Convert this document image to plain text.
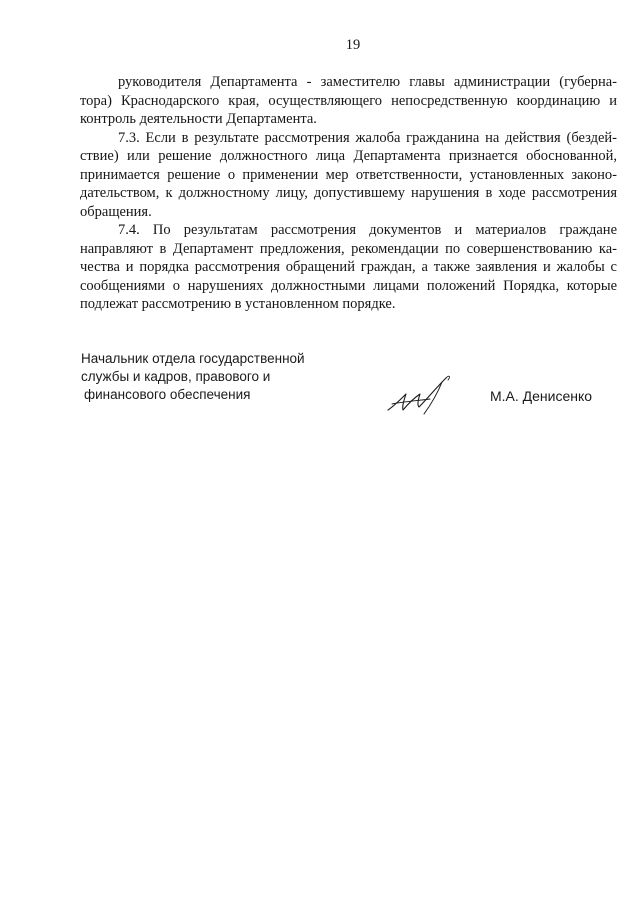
19
руководителя Департамента - заместителю главы администрации (губерна-
тора) Краснодарского края, осуществляющего непосредственную координацию и
контроль деятельности Департамента.
7.3. Если в результате рассмотрения жалоба гражданина на действия (бездей-
ствие) или решение должностного лица Департамента признается обоснованной,
принимается решение о применении мер ответственности, установленных законо-
дательством, к должностному лицу, допустившему нарушения в ходе рассмотрения
обращения.
7.4. По результатам рассмотрения документов и материалов граждане
направляют в Департамент предложения, рекомендации по совершенствованию ка-
чества и порядка рассмотрения обращений граждан, а также заявления и жалобы с
сообщениями о нарушениях должностными лицами положений Порядка, которые
подлежат рассмотрению в установленном порядке.
Начальник отдела государственной
службы и кадров, правового и
финансового обеспечения	М.А. Денисенко
